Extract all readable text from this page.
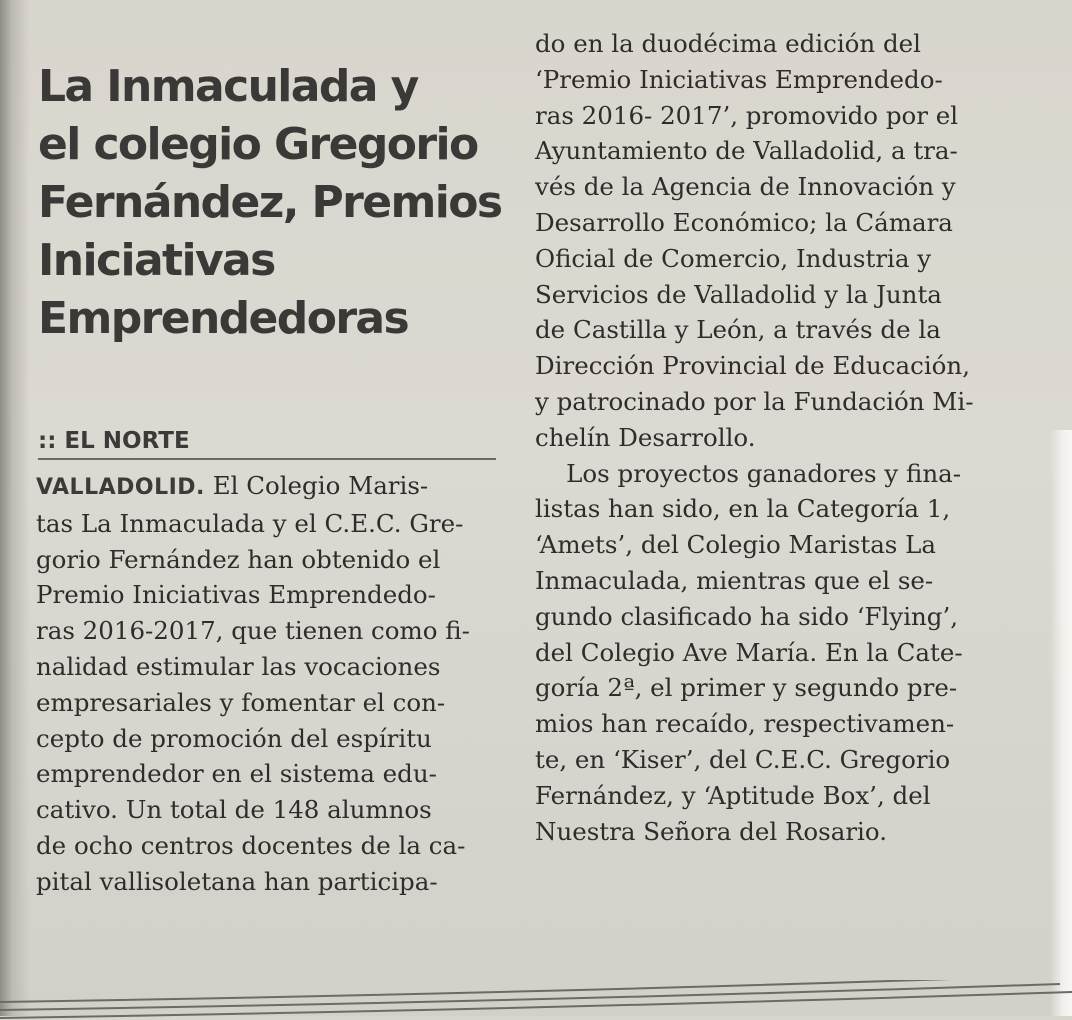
La Inmaculada y
el colegio Gregorio
Fernández, Premios
Iniciativas
Emprendedoras
:: EL NORTE
VALLADOLID. El Colegio Maris-
tas La Inmaculada y el C.E.C. Gre-
gorio Fernández han obtenido el
Premio Iniciativas Emprendedo-
ras 2016-2017, que tienen como fi-
nalidad estimular las vocaciones
empresariales y fomentar el con-
cepto de promoción del espíritu
emprendedor en el sistema edu-
cativo. Un total de 148 alumnos
de ocho centros docentes de la ca-
pital vallisoletana han participa-
do en la duodécima edición del
‘Premio Iniciativas Emprendedo-
ras 2016- 2017’, promovido por el
Ayuntamiento de Valladolid, a tra-
vés de la Agencia de Innovación y
Desarrollo Económico; la Cámara
Oficial de Comercio, Industria y
Servicios de Valladolid y la Junta
de Castilla y León, a través de la
Dirección Provincial de Educación,
y patrocinado por la Fundación Mi-
chelín Desarrollo.
Los proyectos ganadores y fina-
listas han sido, en la Categoría 1,
‘Amets’, del Colegio Maristas La
Inmaculada, mientras que el se-
gundo clasificado ha sido ‘Flying’,
del Colegio Ave María. En la Cate-
goría 2ª, el primer y segundo pre-
mios han recaído, respectivamen-
te, en ‘Kiser’, del C.E.C. Gregorio
Fernández, y ‘Aptitude Box’, del
Nuestra Señora del Rosario.
